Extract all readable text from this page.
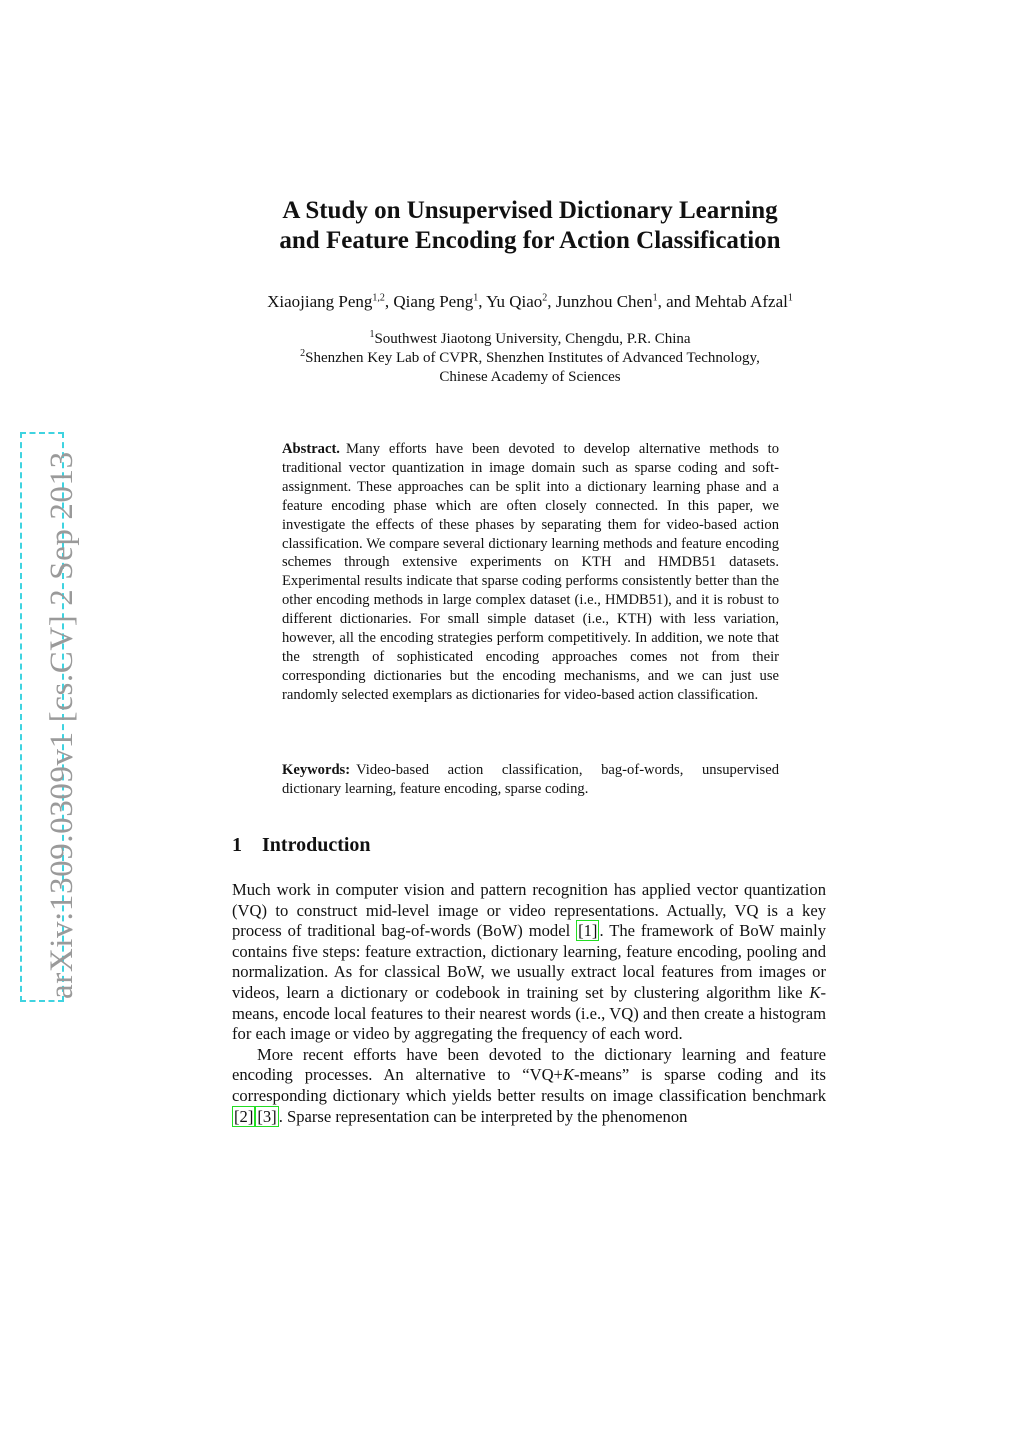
arXiv:1309.0309v1 [cs.CV] 2 Sep 2013
A Study on Unsupervised Dictionary Learning
and Feature Encoding for Action Classification
Xiaojiang Peng$^{1,2}$, Qiang Peng$^1$, Yu Qiao$^2$, Junzhou Chen$^1$, and Mehtab Afzal$^1$
$^1$Southwest Jiaotong University, Chengdu, P.R. China
$^2$Shenzhen Key Lab of CVPR, Shenzhen Institutes of Advanced Technology,
Chinese Academy of Sciences
Abstract. Many efforts have been devoted to develop alternative methods to traditional vector quantization in image domain such as sparse coding and soft-assignment. These approaches can be split into a dictionary learning phase and a feature encoding phase which are often closely connected. In this paper, we investigate the effects of these phases by separating them for video-based action classification. We compare several dictionary learning methods and feature encoding schemes through extensive experiments on KTH and HMDB51 datasets. Experimental results indicate that sparse coding performs consistently better than the other encoding methods in large complex dataset (i.e., HMDB51), and it is robust to different dictionaries. For small simple dataset (i.e., KTH) with less variation, however, all the encoding strategies perform competitively. In addition, we note that the strength of sophisticated encoding approaches comes not from their corresponding dictionaries but the encoding mechanisms, and we can just use randomly selected exemplars as dictionaries for video-based action classification.
Keywords: Video-based action classification, bag-of-words, unsupervised dictionary learning, feature encoding, sparse coding.
1 Introduction

Much work in computer vision and pattern recognition has applied vector quantization (VQ) to construct mid-level image or video representations. Actually, VQ is a key process of traditional bag-of-words (BoW) model [1] . The framework of BoW mainly contains five steps: feature extraction, dictionary learning, feature encoding, pooling and normalization. As for classical BoW, we usually extract local features from images or videos, learn a dictionary or codebook in training set by clustering algorithm like K-means, encode local features to their nearest words (i.e., VQ) and then create a histogram for each image or video by aggregating the frequency of each word.

More recent efforts have been devoted to the dictionary learning and feature encoding processes. An alternative to “VQ+K-means” is sparse coding and its corresponding dictionary which yields better results on image classification benchmark [2] [3] . Sparse representation can be interpreted by the phenomenon
